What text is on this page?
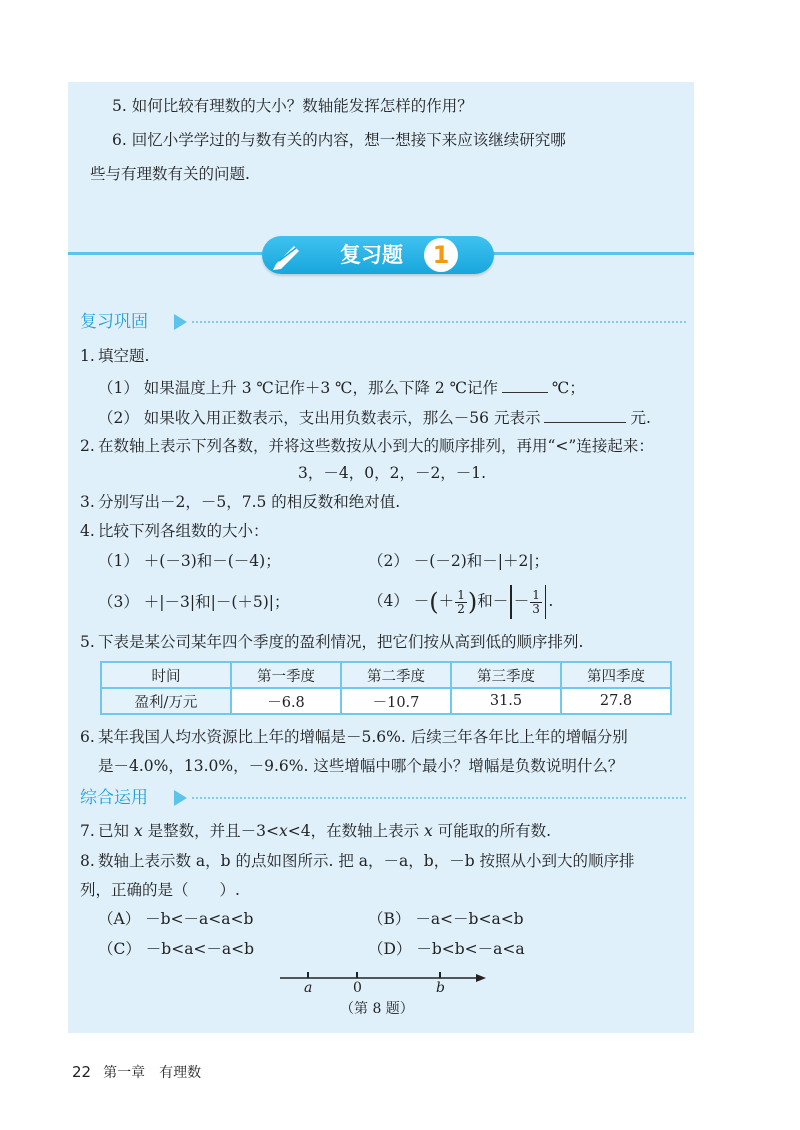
5. 如何比较有理数的大小？数轴能发挥怎样的作用？
6. 回忆小学学过的与数有关的内容，想一想接下来应该继续研究哪
些与有理数有关的问题.
复习题	1
复习巩固
1. 填空题.
（1） 如果温度上升 3 ℃记作＋3 ℃，那么下降 2 ℃记作	℃；
（2） 如果收入用正数表示，支出用负数表示，那么－56 元表示	元.
2. 在数轴上表示下列各数，并将这些数按从小到大的顺序排列，再用“<”连接起来：
3，－4，0，2，－2，－1.
3. 分别写出－2，－5，7.5 的相反数和绝对值.
4. 比较下列各组数的大小：
（1） ＋(－3)和－(－4)；	（2） －(－2)和－|＋2|；
（3） ＋|－3|和|－(＋5)|；	（4） －(＋ $\frac{1}{2}$ )和－ － $\frac{1}{3}$ .
5. 下表是某公司某年四个季度的盈利情况，把它们按从高到低的顺序排列.
时间	第一季度	第二季度	第三季度	第四季度
盈利/万元	－6.8	－10.7	31.5	27.8
6. 某年我国人均水资源比上年的增幅是－5.6%. 后续三年各年比上年的增幅分别
是－4.0%，13.0%，－9.6%. 这些增幅中哪个最小？增幅是负数说明什么？
综合运用
7. 已知 x 是整数，并且－3<x<4，在数轴上表示 x 可能取的所有数.
8. 数轴上表示数 a，b 的点如图所示. 把 a，－a，b，－b 按照从小到大的顺序排
列，正确的是（　　）.
（A） －b<－a<a<b	（B） －a<－b<a<b
（C） －b<a<－a<b	（D） －b<b<－a<a
a	0	b
（第 8 题）
22 第一章　有理数
